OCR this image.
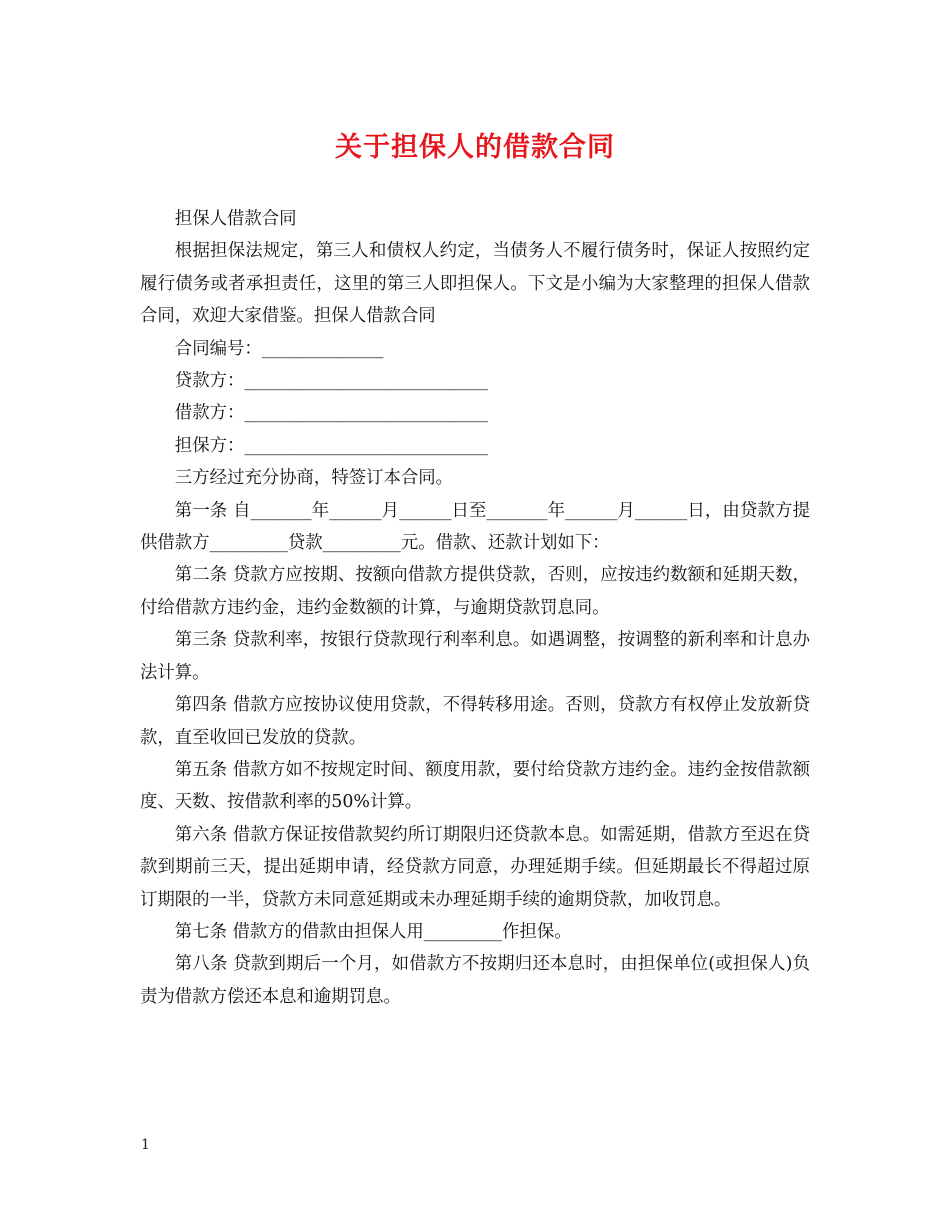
关于担保人的借款合同

担保人借款合同

根据担保法规定，第三人和债权人约定，当债务人不履行债务时，保证人按照约定履行债务或者承担责任，这里的第三人即担保人。下文是小编为大家整理的担保人借款合同，欢迎大家借鉴。担保人借款合同

合同编号：______________

贷款方：____________________________

借款方：____________________________

担保方：____________________________

三方经过充分协商，特签订本合同。

第一条 自_______年______月______日至_______年______月______日，由贷款方提供借款方_________贷款_________元。借款、还款计划如下：

第二条 贷款方应按期、按额向借款方提供贷款，否则，应按违约数额和延期天数，付给借款方违约金，违约金数额的计算，与逾期贷款罚息同。

第三条 贷款利率，按银行贷款现行利率利息。如遇调整，按调整的新利率和计息办法计算。

第四条 借款方应按协议使用贷款，不得转移用途。否则，贷款方有权停止发放新贷款，直至收回已发放的贷款。

第五条 借款方如不按规定时间、额度用款，要付给贷款方违约金。违约金按借款额度、天数、按借款利率的50%计算。

第六条 借款方保证按借款契约所订期限归还贷款本息。如需延期，借款方至迟在贷款到期前三天，提出延期申请，经贷款方同意，办理延期手续。但延期最长不得超过原订期限的一半，贷款方未同意延期或未办理延期手续的逾期贷款，加收罚息。

第七条 借款方的借款由担保人用_________作担保。

第八条 贷款到期后一个月，如借款方不按期归还本息时，由担保单位(或担保人)负责为借款方偿还本息和逾期罚息。

1
